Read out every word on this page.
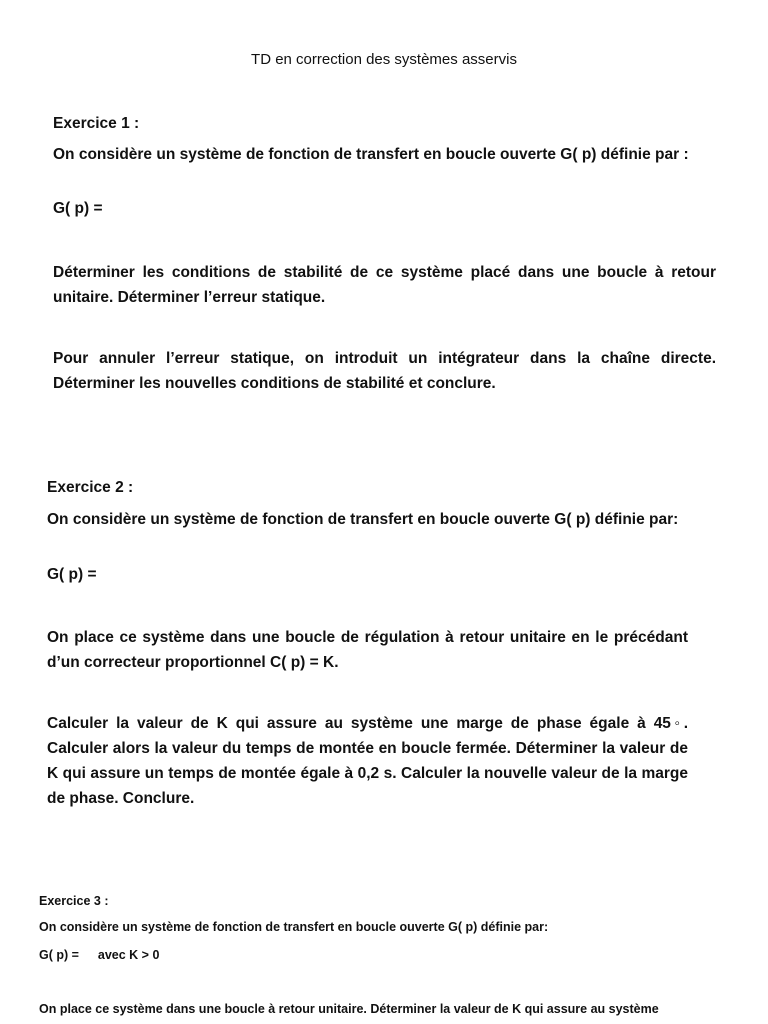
TD en correction des systèmes asservis
Exercice 1 :
On considère un système de fonction de transfert en boucle ouverte G( p) définie par :
G( p) =
Déterminer les conditions de stabilité de ce système placé dans une boucle à retour unitaire. Déterminer l’erreur statique.
Pour annuler l’erreur statique, on introduit un intégrateur dans la chaîne directe. Déterminer les nouvelles conditions de stabilité et conclure.
Exercice 2 :
On considère un système de fonction de transfert en boucle ouverte G( p) définie par:
G( p) =
On place ce système dans une boucle de régulation à retour unitaire en le précédant d’un correcteur proportionnel C( p) = K.
Calculer la valeur de K qui assure au système une marge de phase égale à 45◦. Calculer alors la valeur du temps de montée en boucle fermée. Déterminer la valeur de K qui assure un temps de montée égale à 0,2 s. Calculer la nouvelle valeur de la marge de phase. Conclure.
Exercice 3 :
On considère un système de fonction de transfert en boucle ouverte G( p) définie par:
G( p) = avec K > 0
On place ce système dans une boucle à retour unitaire. Déterminer la valeur de K qui assure au système
